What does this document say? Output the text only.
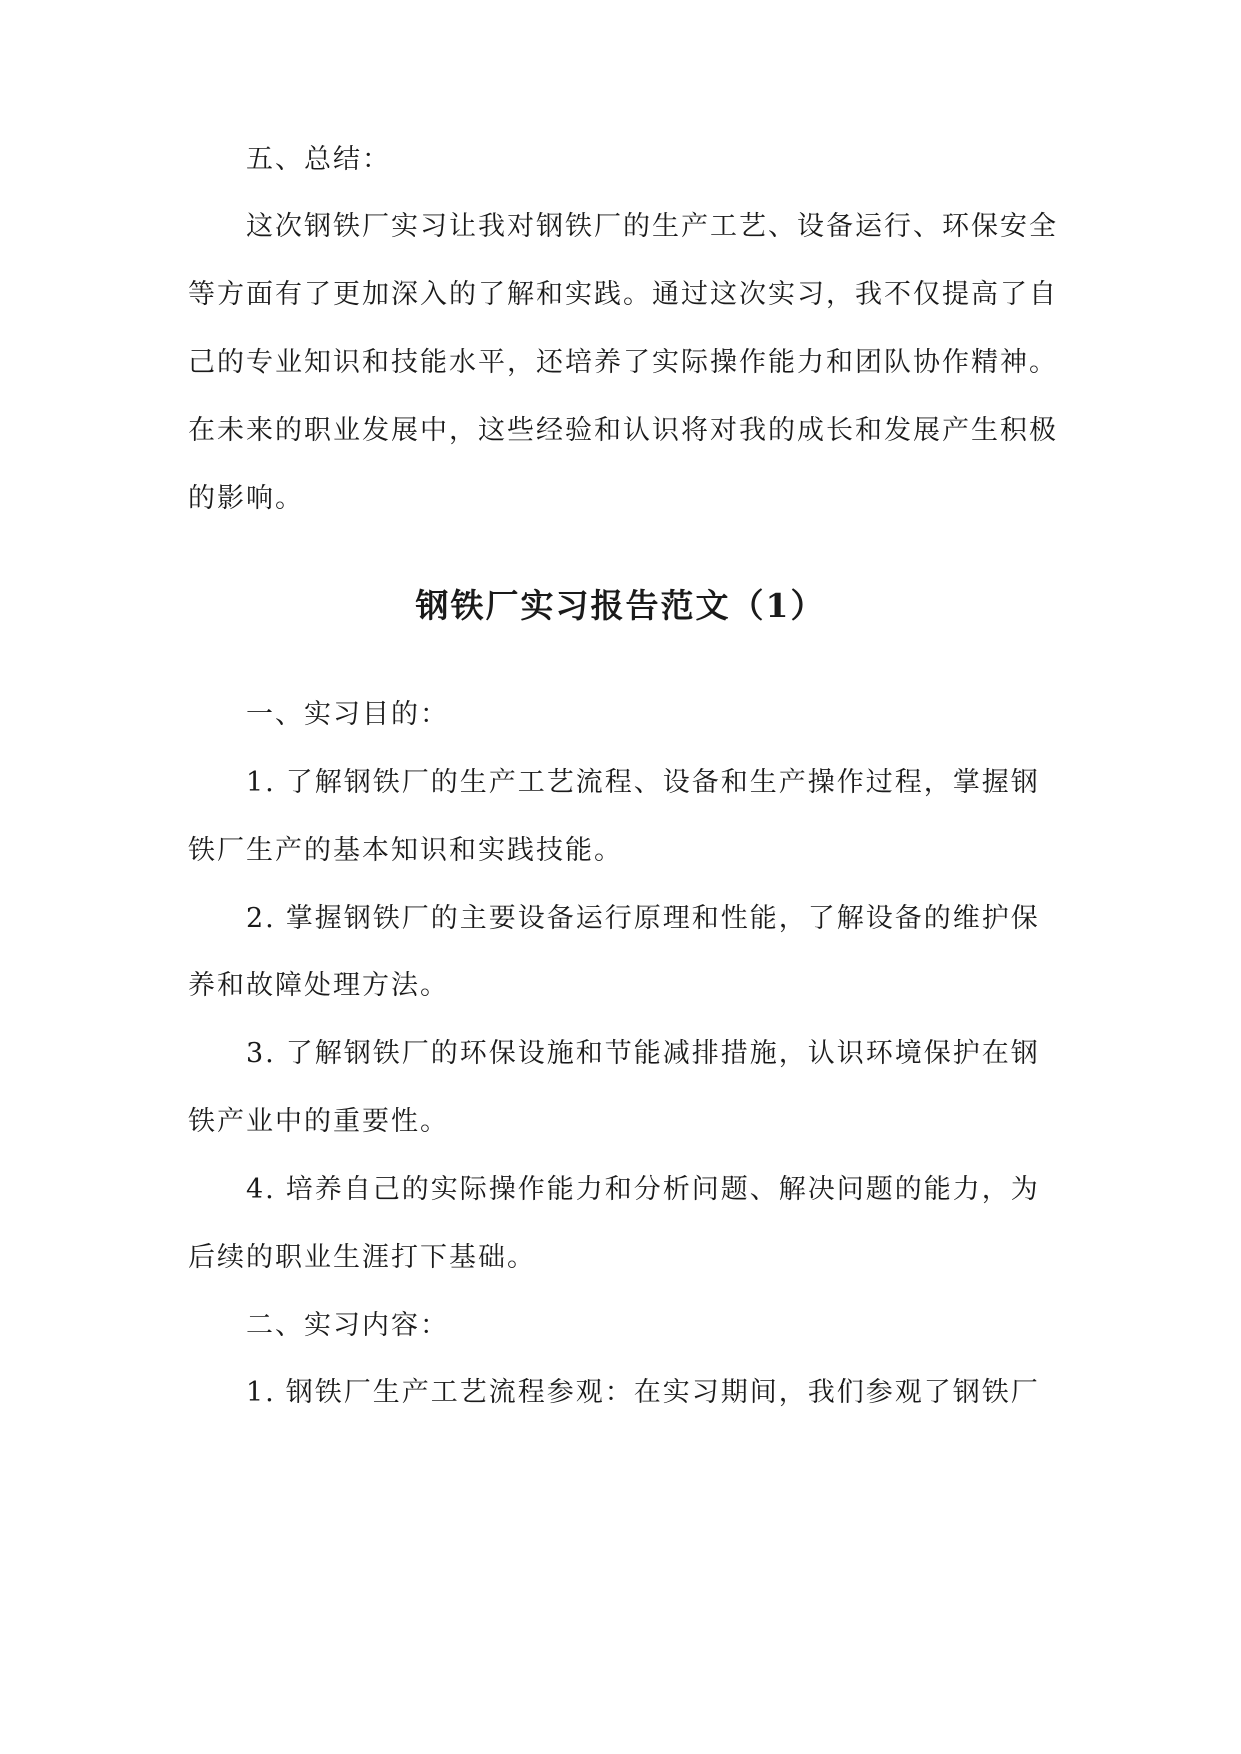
五、总结：
这次钢铁厂实习让我对钢铁厂的生产工艺、设备运行、环保安全
等方面有了更加深入的了解和实践。通过这次实习，我不仅提高了自
己的专业知识和技能水平，还培养了实际操作能力和团队协作精神。
在未来的职业发展中，这些经验和认识将对我的成长和发展产生积极
的影响。
钢铁厂实习报告范文（1）
一、实习目的：
1. 了解钢铁厂的生产工艺流程、设备和生产操作过程，掌握钢
铁厂生产的基本知识和实践技能。
2. 掌握钢铁厂的主要设备运行原理和性能，了解设备的维护保
养和故障处理方法。
3. 了解钢铁厂的环保设施和节能减排措施，认识环境保护在钢
铁产业中的重要性。
4. 培养自己的实际操作能力和分析问题、解决问题的能力，为
后续的职业生涯打下基础。
二、实习内容：
1. 钢铁厂生产工艺流程参观：在实习期间，我们参观了钢铁厂
